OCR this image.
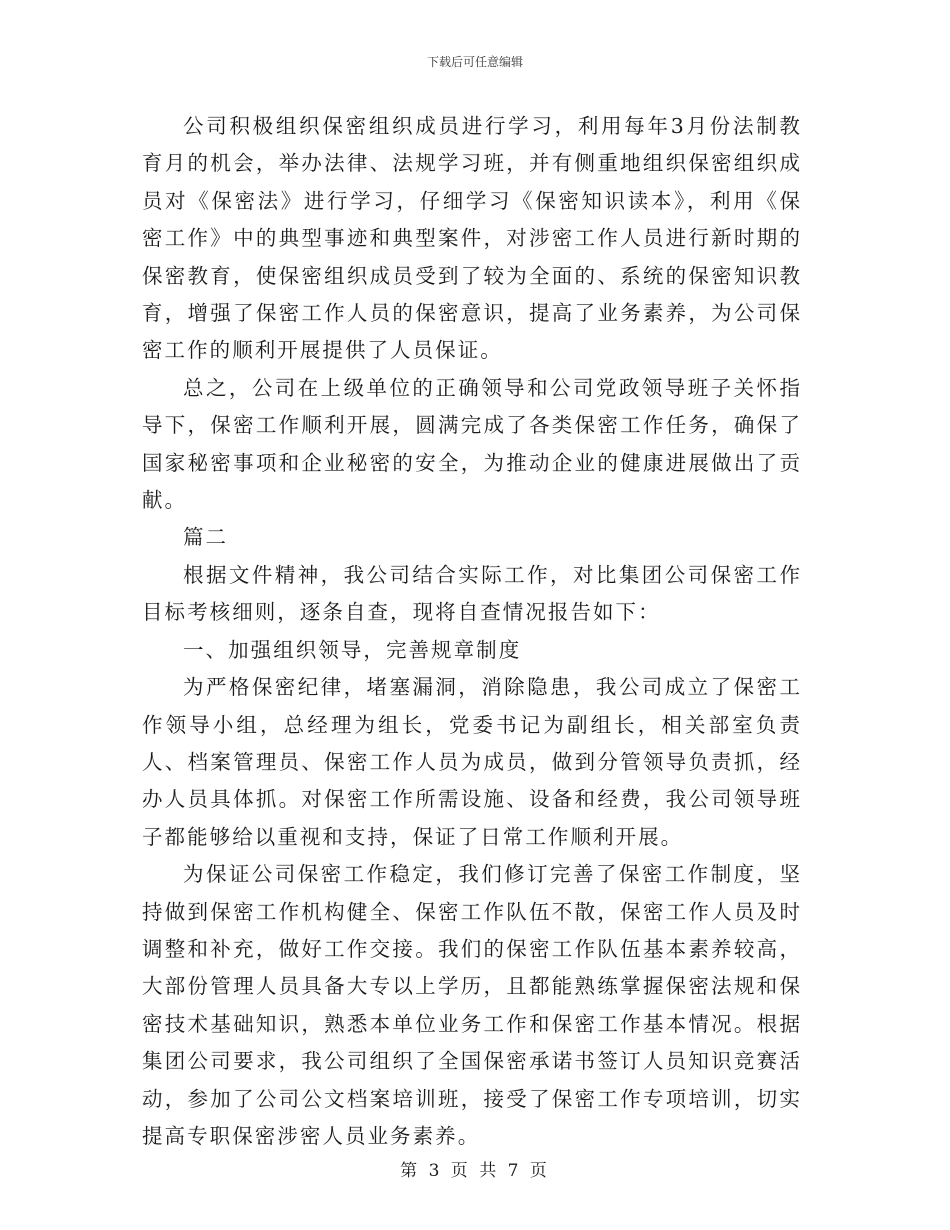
下载后可任意编辑

公司积极组织保密组织成员进行学习，利用每年3月份法制教育月的机会，举办法律、法规学习班，并有侧重地组织保密组织成员对《保密法》进行学习，仔细学习《保密知识读本》，利用《保密工作》中的典型事迹和典型案件，对涉密工作人员进行新时期的保密教育，使保密组织成员受到了较为全面的、系统的保密知识教育，增强了保密工作人员的保密意识，提高了业务素养，为公司保密工作的顺利开展提供了人员保证。

总之，公司在上级单位的正确领导和公司党政领导班子关怀指导下，保密工作顺利开展，圆满完成了各类保密工作任务，确保了国家秘密事项和企业秘密的安全，为推动企业的健康进展做出了贡献。

篇二

根据文件精神，我公司结合实际工作，对比集团公司保密工作目标考核细则，逐条自查，现将自查情况报告如下：

一、加强组织领导，完善规章制度

为严格保密纪律，堵塞漏洞，消除隐患，我公司成立了保密工作领导小组，总经理为组长，党委书记为副组长，相关部室负责人、档案管理员、保密工作人员为成员，做到分管领导负责抓，经办人员具体抓。对保密工作所需设施、设备和经费，我公司领导班子都能够给以重视和支持，保证了日常工作顺利开展。

为保证公司保密工作稳定，我们修订完善了保密工作制度，坚持做到保密工作机构健全、保密工作队伍不散，保密工作人员及时调整和补充，做好工作交接。我们的保密工作队伍基本素养较高，大部份管理人员具备大专以上学历，且都能熟练掌握保密法规和保密技术基础知识，熟悉本单位业务工作和保密工作基本情况。根据集团公司要求，我公司组织了全国保密承诺书签订人员知识竞赛活动，参加了公司公文档案培训班，接受了保密工作专项培训，切实提高专职保密涉密人员业务素养。

第 3 页 共 7 页
